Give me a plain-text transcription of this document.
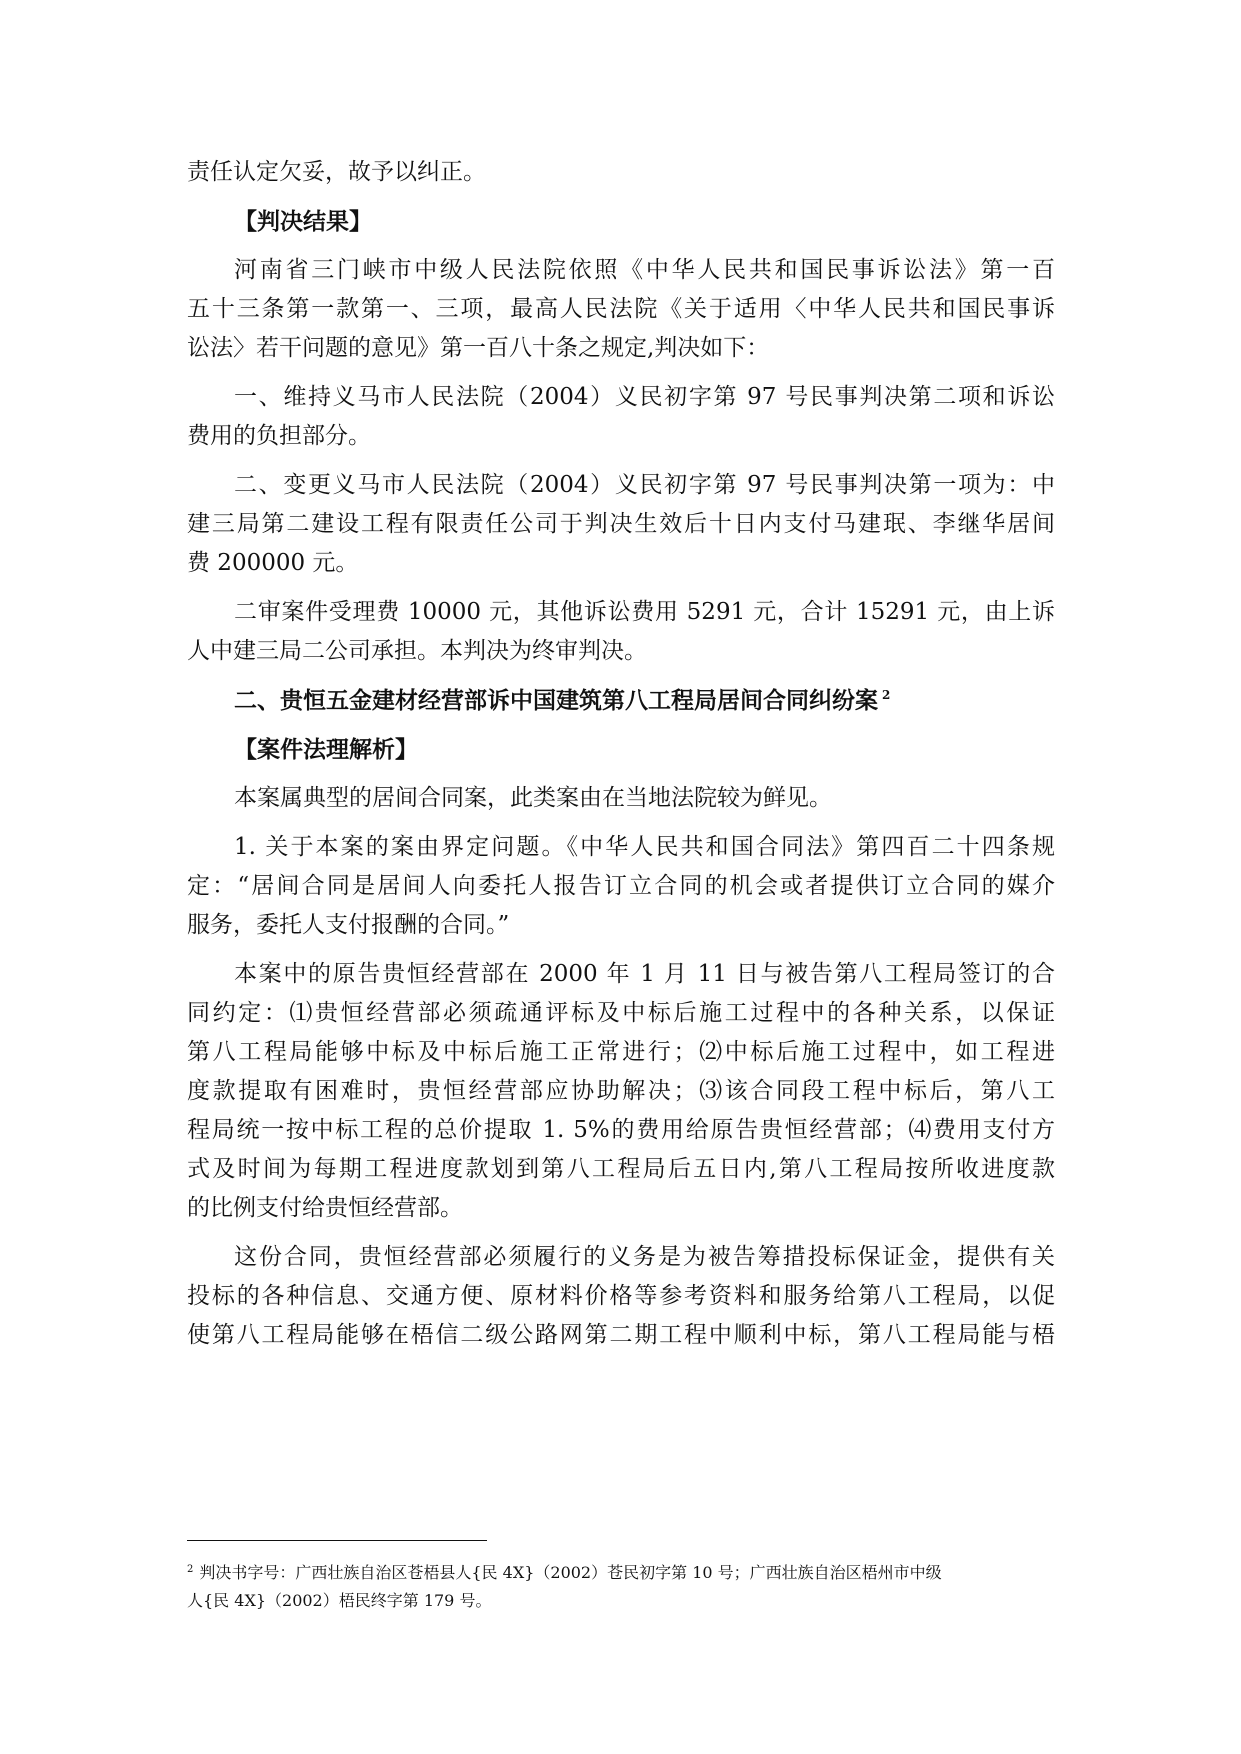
责任认定欠妥，故予以纠正。
【判决结果】
河南省三门峡市中级人民法院依照《中华人民共和国民事诉讼法》第一百
五十三条第一款第一、三项，最高人民法院《关于适用〈中华人民共和国民事诉
讼法〉若干问题的意见》第一百八十条之规定,判决如下：
一、维持义马市人民法院（2004）义民初字第 97 号民事判决第二项和诉讼
费用的负担部分。
二、变更义马市人民法院（2004）义民初字第 97 号民事判决第一项为：中
建三局第二建设工程有限责任公司于判决生效后十日内支付马建珉、李继华居间
费 200000 元。
二审案件受理费 10000 元，其他诉讼费用 5291 元，合计 15291 元，由上诉
人中建三局二公司承担。本判决为终审判决。
二、贵恒五金建材经营部诉中国建筑第八工程局居间合同纠纷案 $^2$
【案件法理解析】
本案属典型的居间合同案，此类案由在当地法院较为鲜见。
1. 关于本案的案由界定问题。《中华人民共和国合同法》第四百二十四条规
定：“居间合同是居间人向委托人报告订立合同的机会或者提供订立合同的媒介
服务，委托人支付报酬的合同。”
本案中的原告贵恒经营部在 2000 年 1 月 11 日与被告第八工程局签订的合
同约定：⑴贵恒经营部必须疏通评标及中标后施工过程中的各种关系，以保证
第八工程局能够中标及中标后施工正常进行；⑵中标后施工过程中，如工程进
度款提取有困难时，贵恒经营部应协助解决；⑶该合同段工程中标后，第八工
程局统一按中标工程的总价提取 1. 5%的费用给原告贵恒经营部；⑷费用支付方
式及时间为每期工程进度款划到第八工程局后五日内,第八工程局按所收进度款
的比例支付给贵恒经营部。
这份合同，贵恒经营部必须履行的义务是为被告筹措投标保证金，提供有关
投标的各种信息、交通方便、原材料价格等参考资料和服务给第八工程局，以促
使第八工程局能够在梧信二级公路网第二期工程中顺利中标，第八工程局能与梧
$^2$ 判决书字号：广西壮族自治区苍梧县人{民 4X}（2002）苍民初字第 10 号；广西壮族自治区梧州市中级
人{民 4X}（2002）梧民终字第 179 号。
